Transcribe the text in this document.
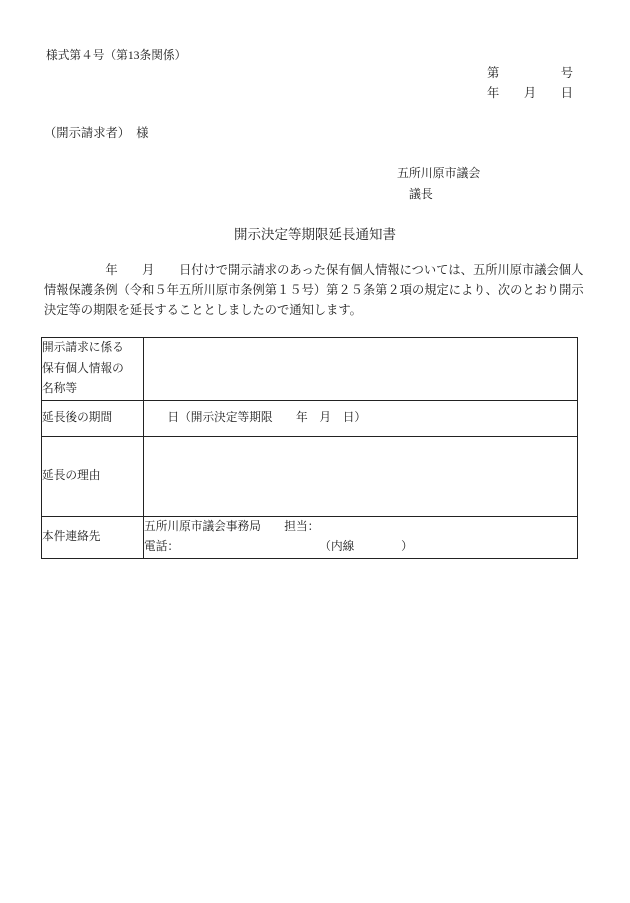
様式第４号（第13条関係）
第　　　　　号
年　　月　　日
（開示請求者）　様
五所川原市議会
議長
開示決定等期限延長通知書
年　　月　　日付けで開示請求のあった保有個人情報については、五所川原市議会個人
情報保護条例（令和５年五所川原市条例第１５号）第２５条第２項の規定により、次のとおり開示
決定等の期限を延長することとしましたので通知します。
開示請求に係る保有個人情報の名称等	

延長後の期間	日（開示決定等期限　　年　月　日）

延長の理由	

本件連絡先	五所川原市議会事務局　　担当：
電話：　　　　　　　　　　　　　（内線　　　　）
